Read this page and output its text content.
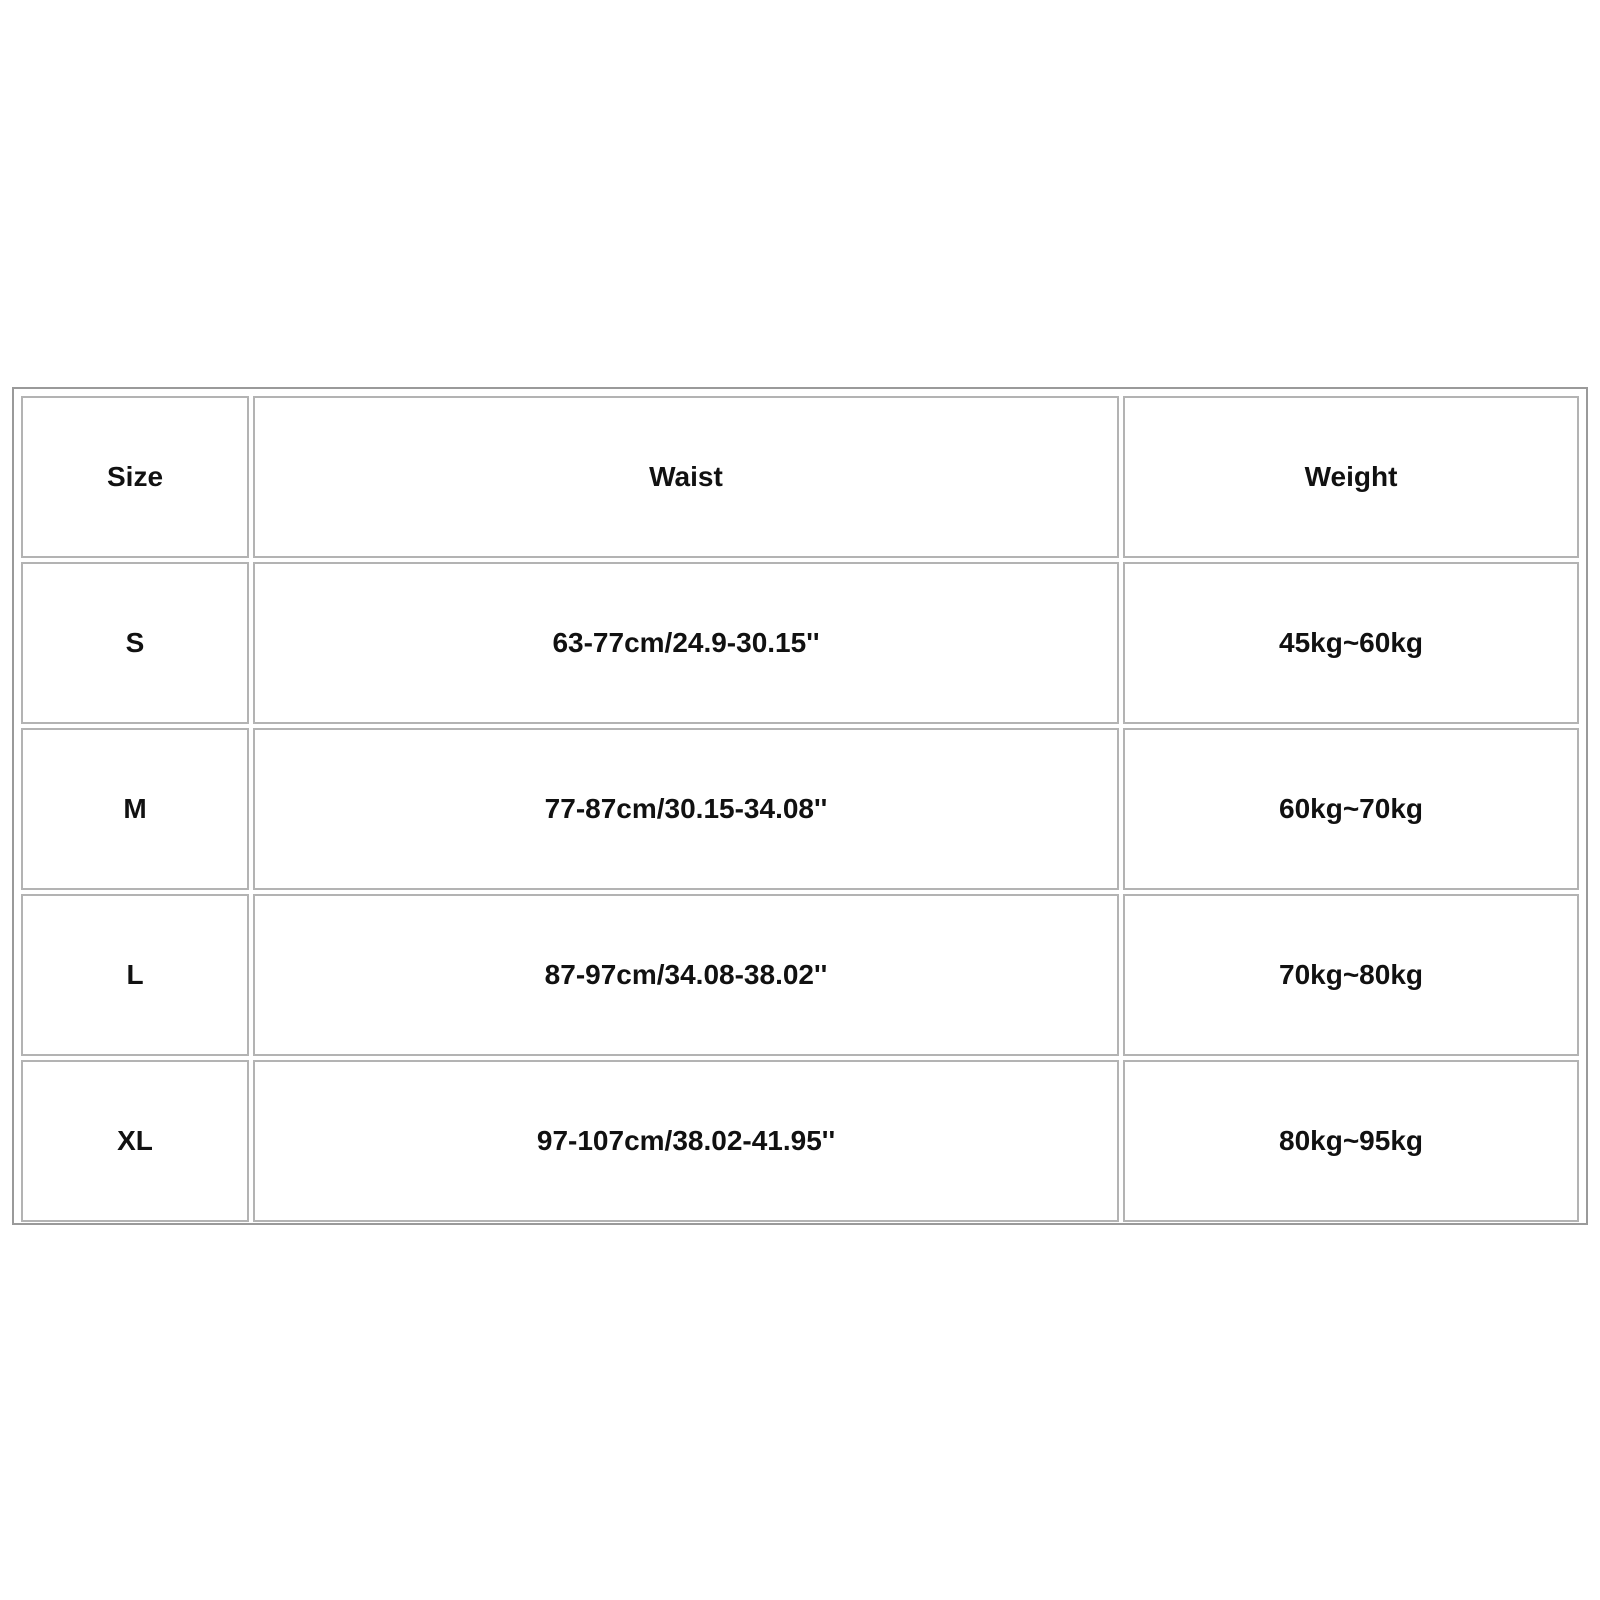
Size	Waist	Weight
S	63-77cm/24.9-30.15''	45kg~60kg
M	77-87cm/30.15-34.08''	60kg~70kg
L	87-97cm/34.08-38.02''	70kg~80kg
XL	97-107cm/38.02-41.95''	80kg~95kg
